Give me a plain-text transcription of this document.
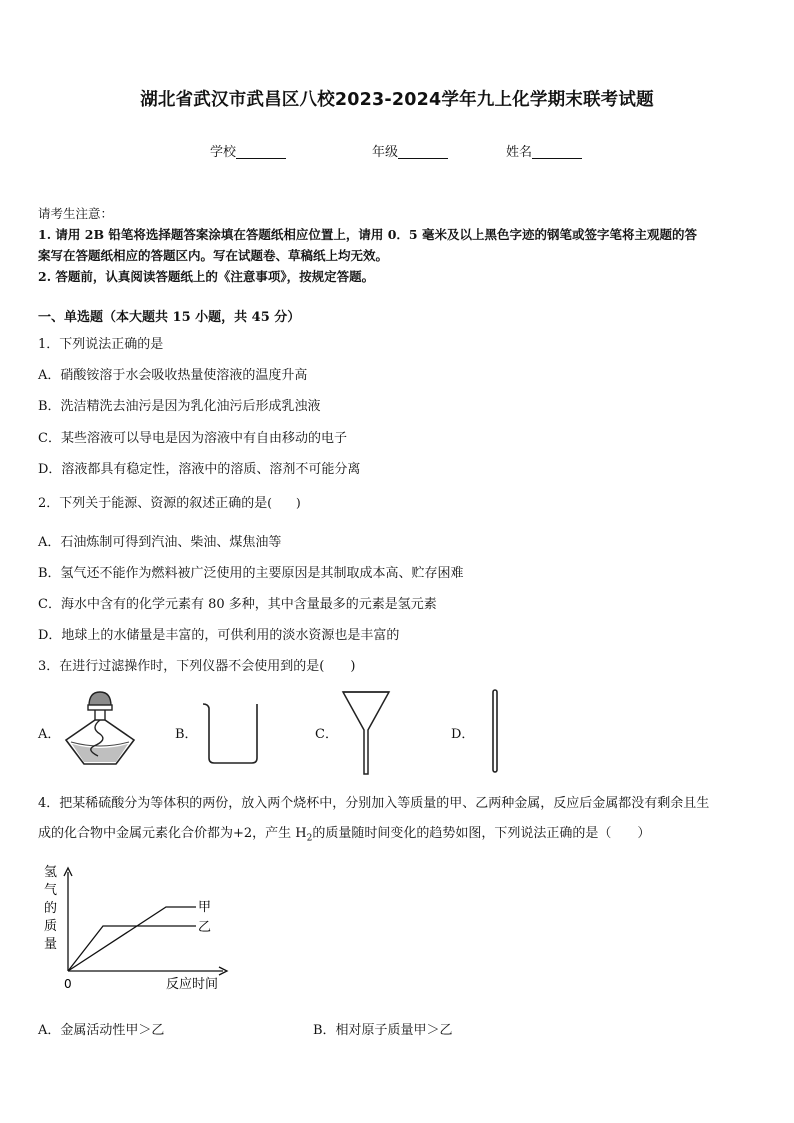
湖北省武汉市武昌区八校2023-2024学年九上化学期末联考试题
学校	年级	姓名

请考生注意：

1. 请用 2B 铅笔将选择题答案涂填在答题纸相应位置上，请用 0．5 毫米及以上黑色字迹的钢笔或签字笔将主观题的答

案写在答题纸相应的答题区内。写在试题卷、草稿纸上均无效。

2. 答题前，认真阅读答题纸上的《注意事项》，按规定答题。

一、单选题（本大题共 15 小题，共 45 分）
1．下列说法正确的是
A．硝酸铵溶于水会吸收热量使溶液的温度升高
B．洗洁精洗去油污是因为乳化油污后形成乳浊液
C．某些溶液可以导电是因为溶液中有自由移动的电子
D．溶液都具有稳定性，溶液中的溶质、溶剂不可能分离
2．下列关于能源、资源的叙述正确的是(　　)
A．石油炼制可得到汽油、柴油、煤焦油等
B．氢气还不能作为燃料被广泛使用的主要原因是其制取成本高、贮存困难
C．海水中含有的化学元素有 80 多种，其中含量最多的元素是氢元素
D．地球上的水储量是丰富的，可供利用的淡水资源也是丰富的
3．在进行过滤操作时，下列仪器不会使用到的是(　　)
A．	B．	C．	D．
4．把某稀硫酸分为等体积的两份，放入两个烧杯中，分别加入等质量的甲、乙两种金属，反应后金属都没有剩余且生
成的化合物中金属元素化合价都为+2，产生 $H_2$的质量随时间变化的趋势如图，下列说法正确的是（　　）
氢
气
的
质
量
0	反应时间
甲
乙
A．金属活动性甲＞乙	B．相对原子质量甲＞乙
